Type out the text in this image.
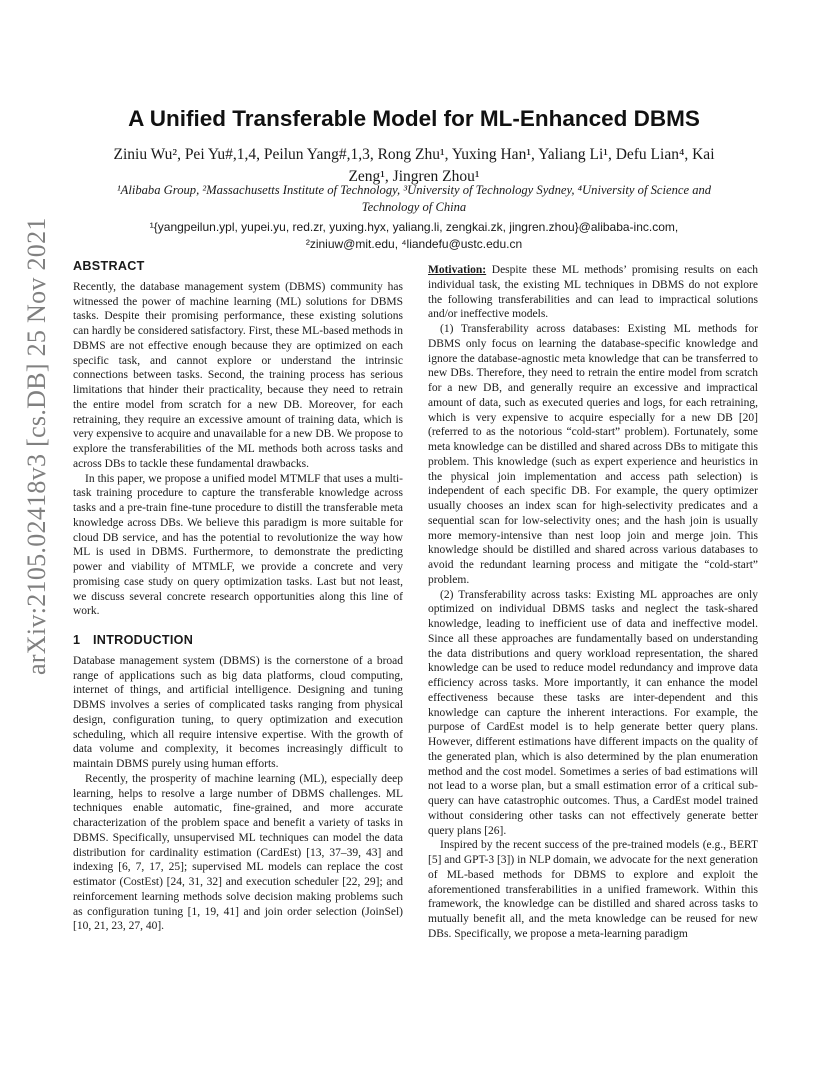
arXiv:2105.02418v3 [cs.DB] 25 Nov 2021
A Unified Transferable Model for ML-Enhanced DBMS
Ziniu Wu², Pei Yu#,1,4, Peilun Yang#,1,3, Rong Zhu¹, Yuxing Han¹, Yaliang Li¹, Defu Lian⁴, Kai
Zeng¹, Jingren Zhou¹
¹Alibaba Group, ²Massachusetts Institute of Technology, ³University of Technology Sydney, ⁴University of Science and
Technology of China
¹{yangpeilun.ypl, yupei.yu, red.zr, yuxing.hyx, yaliang.li, zengkai.zk, jingren.zhou}@alibaba-inc.com,
²ziniuw@mit.edu, ⁴liandefu@ustc.edu.cn
ABSTRACT

Recently, the database management system (DBMS) community has witnessed the power of machine learning (ML) solutions for DBMS tasks. Despite their promising performance, these existing solutions can hardly be considered satisfactory. First, these ML-based methods in DBMS are not effective enough because they are optimized on each specific task, and cannot explore or understand the intrinsic connections between tasks. Second, the training process has serious limitations that hinder their practicality, because they need to retrain the entire model from scratch for a new DB. Moreover, for each retraining, they require an excessive amount of training data, which is very expensive to acquire and unavailable for a new DB. We propose to explore the transferabilities of the ML methods both across tasks and across DBs to tackle these fundamental drawbacks.

In this paper, we propose a unified model MTMLF that uses a multi-task training procedure to capture the transferable knowledge across tasks and a pre-train fine-tune procedure to distill the transferable meta knowledge across DBs. We believe this paradigm is more suitable for cloud DB service, and has the potential to revolutionize the way how ML is used in DBMS. Furthermore, to demonstrate the predicting power and viability of MTMLF, we provide a concrete and very promising case study on query optimization tasks. Last but not least, we discuss several concrete research opportunities along this line of work.

1 INTRODUCTION

Database management system (DBMS) is the cornerstone of a broad range of applications such as big data platforms, cloud computing, internet of things, and artificial intelligence. Designing and tuning DBMS involves a series of complicated tasks ranging from physical design, configuration tuning, to query optimization and execution scheduling, which all require intensive expertise. With the growth of data volume and complexity, it becomes increasingly difficult to maintain DBMS purely using human efforts.

Recently, the prosperity of machine learning (ML), especially deep learning, helps to resolve a large number of DBMS challenges. ML techniques enable automatic, fine-grained, and more accurate characterization of the problem space and benefit a variety of tasks in DBMS. Specifically, unsupervised ML techniques can model the data distribution for cardinality estimation (CardEst) [13, 37–39, 43] and indexing [6, 7, 17, 25]; supervised ML models can replace the cost estimator (CostEst) [24, 31, 32] and execution scheduler [22, 29]; and reinforcement learning methods solve decision making problems such as configuration tuning [1, 19, 41] and join order selection (JoinSel) [10, 21, 23, 27, 40].

Motivation: Despite these ML methods’ promising results on each individual task, the existing ML techniques in DBMS do not explore the following transferabilities and can lead to impractical solutions and/or ineffective models.

(1) Transferability across databases: Existing ML methods for DBMS only focus on learning the database-specific knowledge and ignore the database-agnostic meta knowledge that can be transferred to new DBs. Therefore, they need to retrain the entire model from scratch for a new DB, and generally require an excessive and impractical amount of data, such as executed queries and logs, for each retraining, which is very expensive to acquire especially for a new DB [20] (referred to as the notorious “cold-start” problem). Fortunately, some meta knowledge can be distilled and shared across DBs to mitigate this problem. This knowledge (such as expert experience and heuristics in the physical join implementation and access path selection) is independent of each specific DB. For example, the query optimizer usually chooses an index scan for high-selectivity predicates and a sequential scan for low-selectivity ones; and the hash join is usually more memory-intensive than nest loop join and merge join. This knowledge should be distilled and shared across various databases to avoid the redundant learning process and mitigate the “cold-start” problem.

(2) Transferability across tasks: Existing ML approaches are only optimized on individual DBMS tasks and neglect the task-shared knowledge, leading to inefficient use of data and ineffective model. Since all these approaches are fundamentally based on understanding the data distributions and query workload representation, the shared knowledge can be used to reduce model redundancy and improve data efficiency across tasks. More importantly, it can enhance the model effectiveness because these tasks are inter-dependent and this knowledge can capture the inherent interactions. For example, the purpose of CardEst model is to help generate better query plans. However, different estimations have different impacts on the quality of the generated plan, which is also determined by the plan enumeration method and the cost model. Sometimes a series of bad estimations will not lead to a worse plan, but a small estimation error of a critical sub-query can have catastrophic outcomes. Thus, a CardEst model trained without considering other tasks can not effectively generate better query plans [26].

Inspired by the recent success of the pre-trained models (e.g., BERT [5] and GPT-3 [3]) in NLP domain, we advocate for the next generation of ML-based methods for DBMS to explore and exploit the aforementioned transferabilities in a unified framework. Within this framework, the knowledge can be distilled and shared across tasks to mutually benefit all, and the meta knowledge can be reused for new DBs. Specifically, we propose a meta-learning paradigm
